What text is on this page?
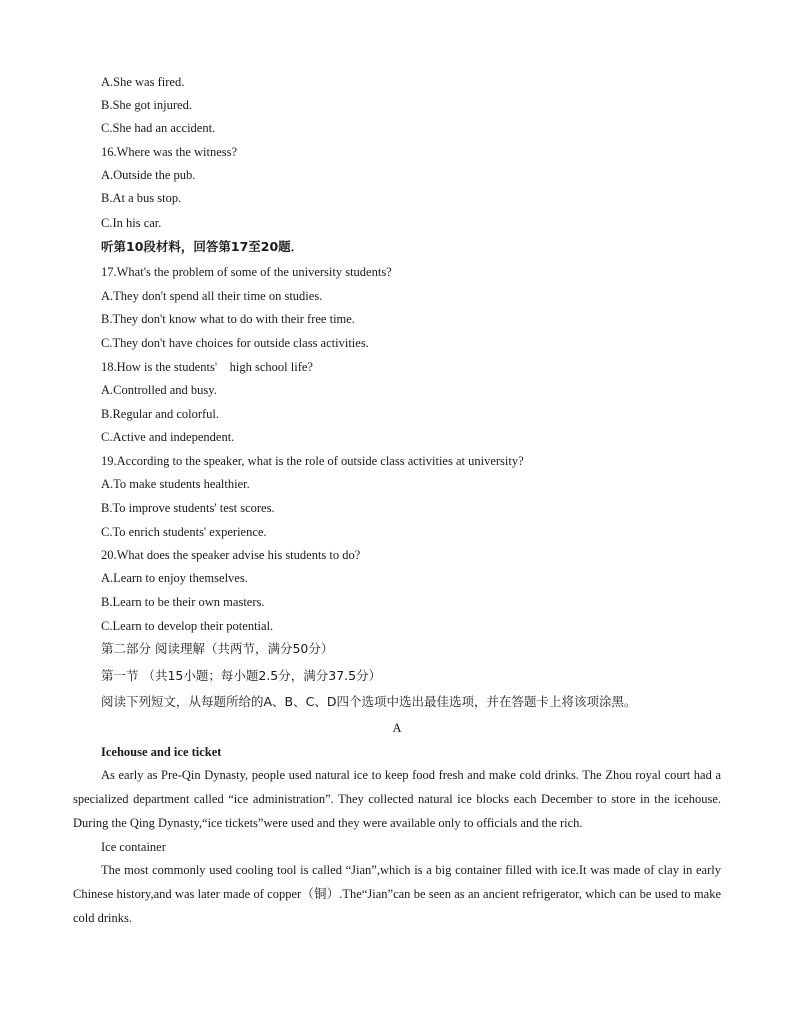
A.She was fired.
B.She got injured.
C.She had an accident.
16.Where was the witness?
A.Outside the pub.
B.At a bus stop.
C.In his car.
听第10段材料，回答第17至20题．
17.What's the problem of some of the university students?
A.They don't spend all their time on studies.
B.They don't know what to do with their free time.
C.They don't have choices for outside class activities.
18.How is the students'    high school life?
A.Controlled and busy.
B.Regular and colorful.
C.Active and independent.
19.According to the speaker, what is the role of outside class activities at university?
A.To make students healthier.
B.To improve students' test scores.
C.To enrich students' experience.
20.What does the speaker advise his students to do?
A.Learn to enjoy themselves.
B.Learn to be their own masters.
C.Learn to develop their potential.
第二部分 阅读理解（共两节，满分50分）
第一节 （共15小题；每小题2.5分，满分37.5分）
阅读下列短文，从每题所给的A、B、C、D四个选项中选出最佳选项，并在答题卡上将该项涂黑。
A
Icehouse and ice ticket
As early as Pre-Qin Dynasty, people used natural ice to keep food fresh and make cold drinks. The Zhou royal court had a specialized department called “ice administration”. They collected natural ice blocks each December to store in the icehouse. During the Qing Dynasty,“ice tickets”were used and they were available only to officials and the rich.
Ice container
The most commonly used cooling tool is called “Jian”,which is a big container filled with ice.It was made of clay in early Chinese history,and was later made of copper（铜）.The“Jian”can be seen as an ancient refrigerator, which can be used to make cold drinks.
